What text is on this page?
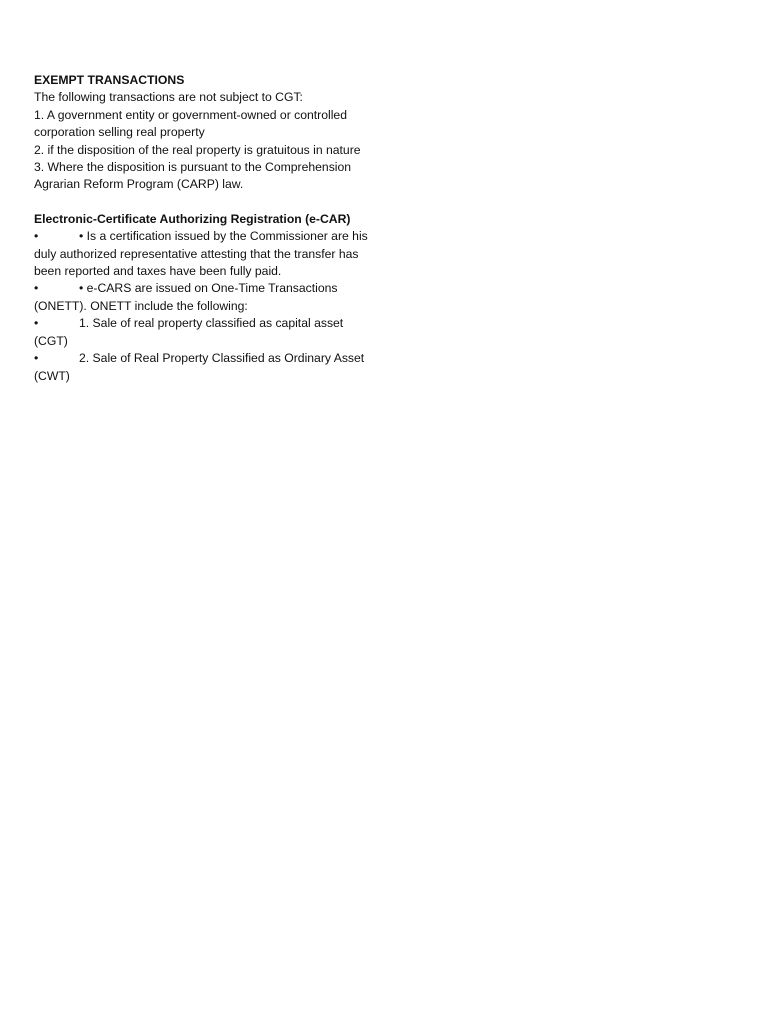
EXEMPT TRANSACTIONS
The following transactions are not subject to CGT:
1. A government entity or government-owned or controlled
corporation selling real property
2. if the disposition of the real property is gratuitous in nature
3. Where the disposition is pursuant to the Comprehension
Agrarian Reform Program (CARP) law.
Electronic-Certificate Authorizing Registration (e-CAR)
•	• Is a certification issued by the Commissioner are his
duly authorized representative attesting that the transfer has
been reported and taxes have been fully paid.
•	• e-CARS are issued on One-Time Transactions
(ONETT). ONETT include the following:
•	1. Sale of real property classified as capital asset
(CGT)
•	2. Sale of Real Property Classified as Ordinary Asset
(CWT)
